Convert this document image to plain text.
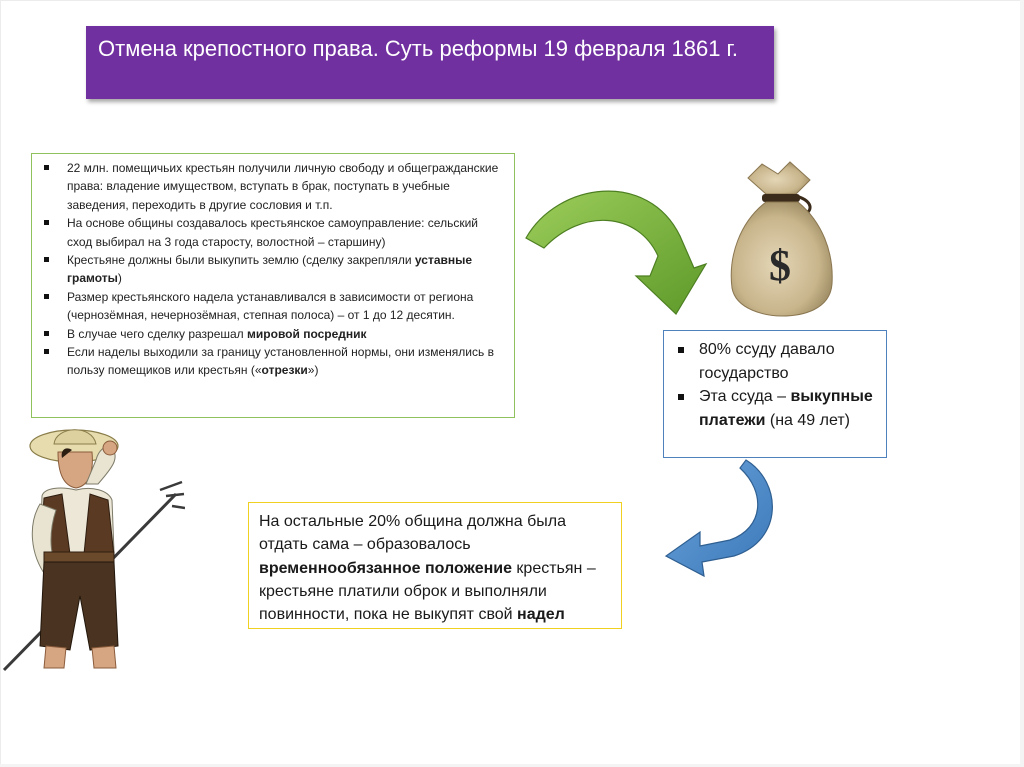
Отмена крепостного права. Суть реформы 19 февраля 1861 г.
22 млн. помещичьих крестьян получили личную свободу и общегражданские права: владение имуществом, вступать в брак, поступать в учебные заведения, переходить в другие сословия и т.п.
На основе общины создавалось крестьянское самоуправление: сельский сход выбирал на 3 года старосту, волостной – старшину)
Крестьяне должны были выкупить землю (сделку закрепляли уставные грамоты)
Размер крестьянского надела устанавливался в зависимости от региона (чернозёмная, нечернозёмная, степная полоса) – от 1 до 12 десятин.
В случае чего сделку разрешал мировой посредник
Если наделы выходили за границу установленной нормы, они изменялись в пользу помещиков или крестьян («отрезки»)
$
80% ссуду давало государство
Эта ссуда – выкупные платежи (на 49 лет)
На остальные 20% община должна была отдать сама – образовалось временнообязанное положение крестьян – крестьяне платили оброк и выполняли повинности, пока не выкупят свой надел
